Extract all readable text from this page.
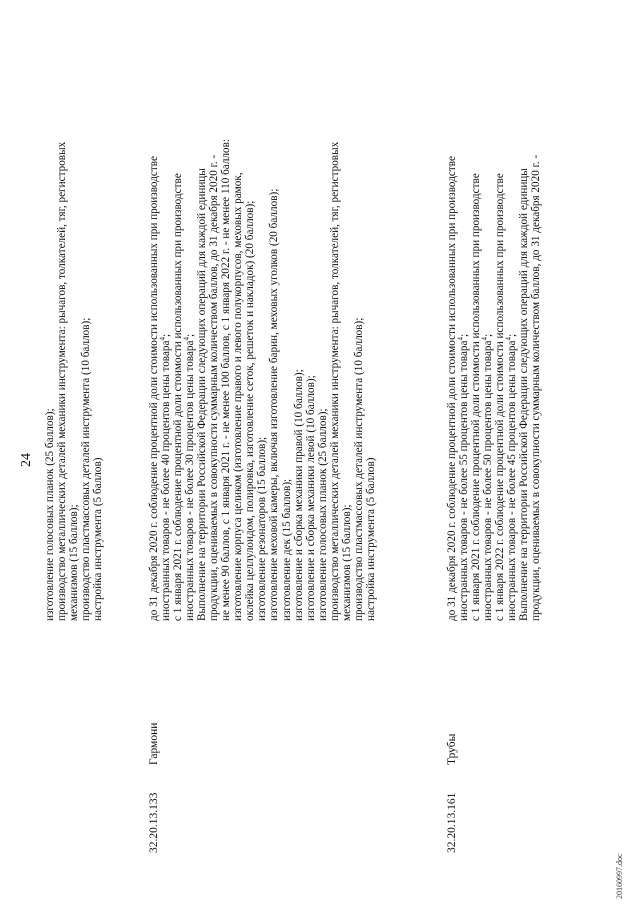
24 изготовление голосовых планок (25 баллов); производство металлических деталей механики инструмента: рычагов, толкателей, тяг, регистровых механизмов (15 баллов); производство пластмассовых деталей инструмента (10 баллов); настройка инструмента (5 баллов)
32.20.13.133
Гармони
до 31 декабря 2020 г. соблюдение процентной доли стоимости использованных при производстве иностранных товаров - не более 40 процентов цены товара$^4$; с 1 января 2021 г. соблюдение процентной доли стоимости использованных при производстве иностранных товаров - не более 30 процентов цены товара$^4$; Выполнение на территории Российской Федерации следующих операций для каждой единицы продукции, оцениваемых в совокупности суммарным количеством баллов, до 31 декабря 2020 г. - не менее 90 баллов, с 1 января 2021 г. - не менее 100 баллов, с 1 января 2022 г. - не менее 110 баллов: изготовление корпуса целиком (изготовление правого и левого полукорпусов, меховых рамок, оклейка целлулоидом, полировка, изготовление сеток, решеток и накладок) (20 баллов); изготовление резонаторов (15 баллов); изготовление меховой камеры, включая изготовление барин, меховых уголков (20 баллов); изготовление дек (15 баллов); изготовление и сборка механики правой (10 баллов); изготовление и сборка механики левой (10 баллов); изготовление голосовых планок (25 баллов); производство металлических деталей механики инструмента: рычагов, толкателей, тяг, регистровых механизмов (15 баллов); производство пластмассовых деталей инструмента (10 баллов); настройка инструмента (5 баллов)
32.20.13.161
Трубы
до 31 декабря 2020 г. соблюдение процентной доли стоимости использованных при производстве иностранных товаров - не более 55 процентов цены товара$^4$; с 1 января 2021 г. соблюдение процентной доли стоимости использованных при производстве иностранных товаров - не более 50 процентов цены товара$^4$; с 1 января 2022 г. соблюдение процентной доли стоимости использованных при производстве иностранных товаров - не более 45 процентов цены товара$^4$; Выполнение на территории Российской Федерации следующих операций для каждой единицы продукции, оцениваемых в совокупности суммарным количеством баллов, до 31 декабря 2020 г. -
20160997.doc
